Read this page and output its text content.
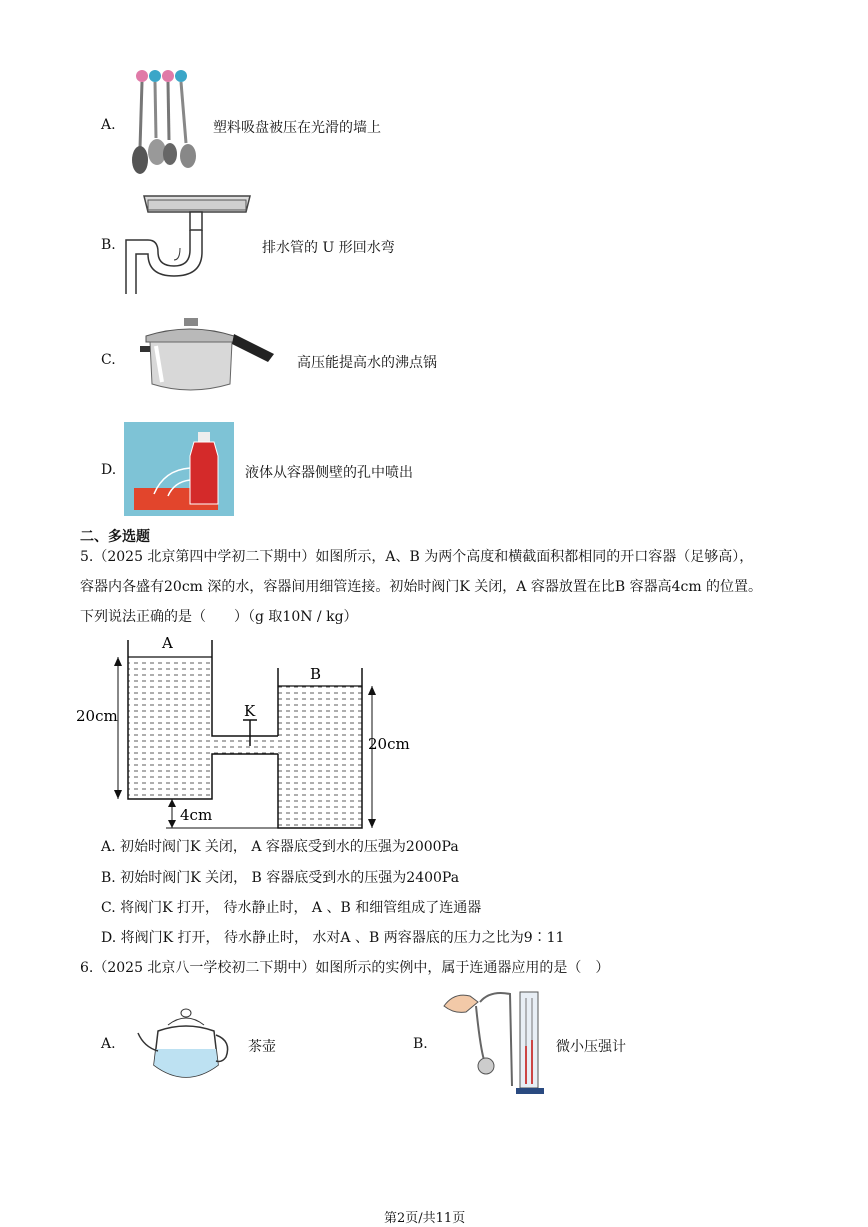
A.	塑料吸盘被压在光滑的墙上
B.	排水管的 U 形回水弯
C.	高压能提高水的沸点锅
D.	液体从容器侧壁的孔中喷出
二、多选题
5.（2025 北京第四中学初二下期中）如图所示，A、B 为两个高度和横截面积都相同的开口容器（足够高），
容器内各盛有20cm 深的水，容器间用细管连接。初始时阀门K 关闭，A 容器放置在比B 容器高4cm 的位置。
下列说法正确的是（　　）（g 取10N / kg）
A
B
K
20cm
20cm
4cm
A. 初始时阀门K 关闭， A 容器底受到水的压强为2000Pa
B. 初始时阀门K 关闭， B 容器底受到水的压强为2400Pa
C. 将阀门K 打开， 待水静止时， A 、B 和细管组成了连通器
D. 将阀门K 打开， 待水静止时， 水对A 、B 两容器底的压力之比为9∶11
6.（2025 北京八一学校初二下期中）如图所示的实例中，属于连通器应用的是（　）
A.	茶壶	B.	微小压强计
第2页/共11页
